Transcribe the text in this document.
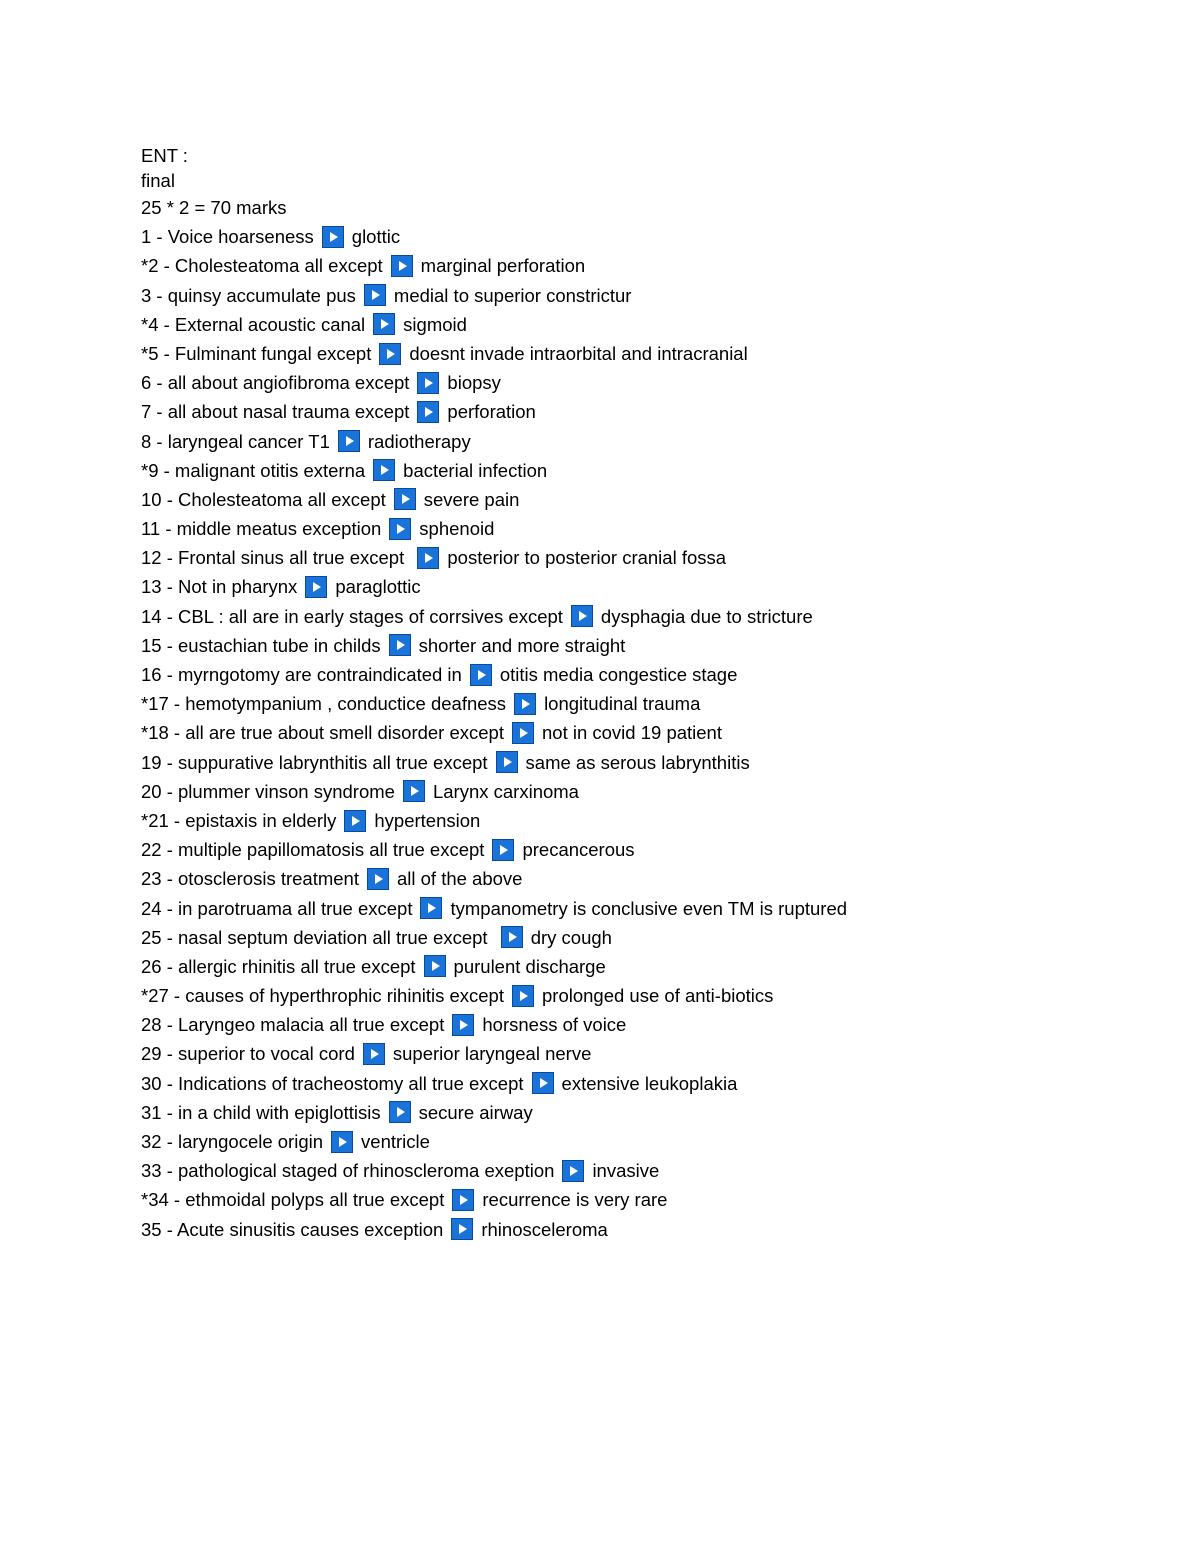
ENT :
final
25 * 2 = 70 marks
1 - Voice hoarseness glottic
*2 - Cholesteatoma all except marginal perforation
3 - quinsy accumulate pus medial to superior constrictur
*4 - External acoustic canal sigmoid
*5 - Fulminant fungal except doesnt invade intraorbital and intracranial
6 - all about angiofibroma except biopsy
7 - all about nasal trauma except perforation
8 - laryngeal cancer T1 radiotherapy
*9 - malignant otitis externa bacterial infection
10 - Cholesteatoma all except severe pain
11 - middle meatus exception sphenoid
12 - Frontal sinus all true except posterior to posterior cranial fossa
13 - Not in pharynx paraglottic
14 - CBL : all are in early stages of corrsives except dysphagia due to stricture
15 - eustachian tube in childs shorter and more straight
16 - myrngotomy are contraindicated in otitis media congestice stage
*17 - hemotympanium , conductice deafness longitudinal trauma
*18 - all are true about smell disorder except not in covid 19 patient
19 - suppurative labrynthitis all true except same as serous labrynthitis
20 - plummer vinson syndrome Larynx carxinoma
*21 - epistaxis in elderly hypertension
22 - multiple papillomatosis all true except precancerous
23 - otosclerosis treatment all of the above
24 - in parotruama all true except tympanometry is conclusive even TM is ruptured
25 - nasal septum deviation all true except dry cough
26 - allergic rhinitis all true except purulent discharge
*27 - causes of hyperthrophic rihinitis except prolonged use of anti-biotics
28 - Laryngeo malacia all true except horsness of voice
29 - superior to vocal cord superior laryngeal nerve
30 - Indications of tracheostomy all true except extensive leukoplakia
31 - in a child with epiglottisis secure airway
32 - laryngocele origin ventricle
33 - pathological staged of rhinoscleroma exeption invasive
*34 - ethmoidal polyps all true except recurrence is very rare
35 - Acute sinusitis causes exception rhinosceleroma
